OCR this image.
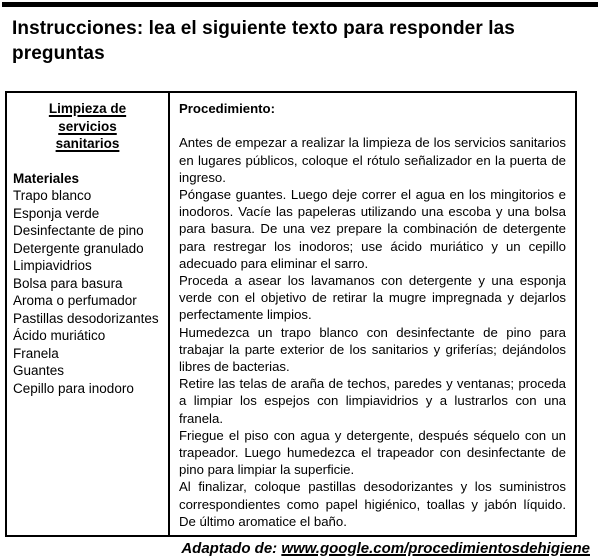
Instrucciones: lea el siguiente texto para responder las preguntas
Limpieza de servicios sanitarios
Materiales
Trapo blanco
Esponja verde
Desinfectante de pino
Detergente granulado
Limpiavidrios
Bolsa para basura
Aroma o perfumador
Pastillas desodorizantes
Ácido muriático
Franela
Guantes
Cepillo para inodoro
Procedimiento:

Antes de empezar a realizar la limpieza de los servicios sanitarios en lugares públicos, coloque el rótulo señalizador en la puerta de ingreso.

Póngase guantes. Luego deje correr el agua en los mingitorios e inodoros. Vacíe las papeleras utilizando una escoba y una bolsa para basura. De una vez prepare la combinación de detergente para restregar los inodoros; use ácido muriático y un cepillo adecuado para eliminar el sarro.

Proceda a asear los lavamanos con detergente y una esponja verde con el objetivo de retirar la mugre impregnada y dejarlos perfectamente limpios.

Humedezca un trapo blanco con desinfectante de pino para trabajar la parte exterior de los sanitarios y griferías; dejándolos libres de bacterias.

Retire las telas de araña de techos, paredes y ventanas; proceda a limpiar los espejos con limpiavidrios y a lustrarlos con una franela.

Friegue el piso con agua y detergente, después séquelo con un trapeador. Luego humedezca el trapeador con desinfectante de pino para limpiar la superficie.

Al finalizar, coloque pastillas desodorizantes y los suministros correspondientes como papel higiénico, toallas y jabón líquido. De último aromatice el baño.

Adaptado de: www.google.com/procedimientosdehigiene
